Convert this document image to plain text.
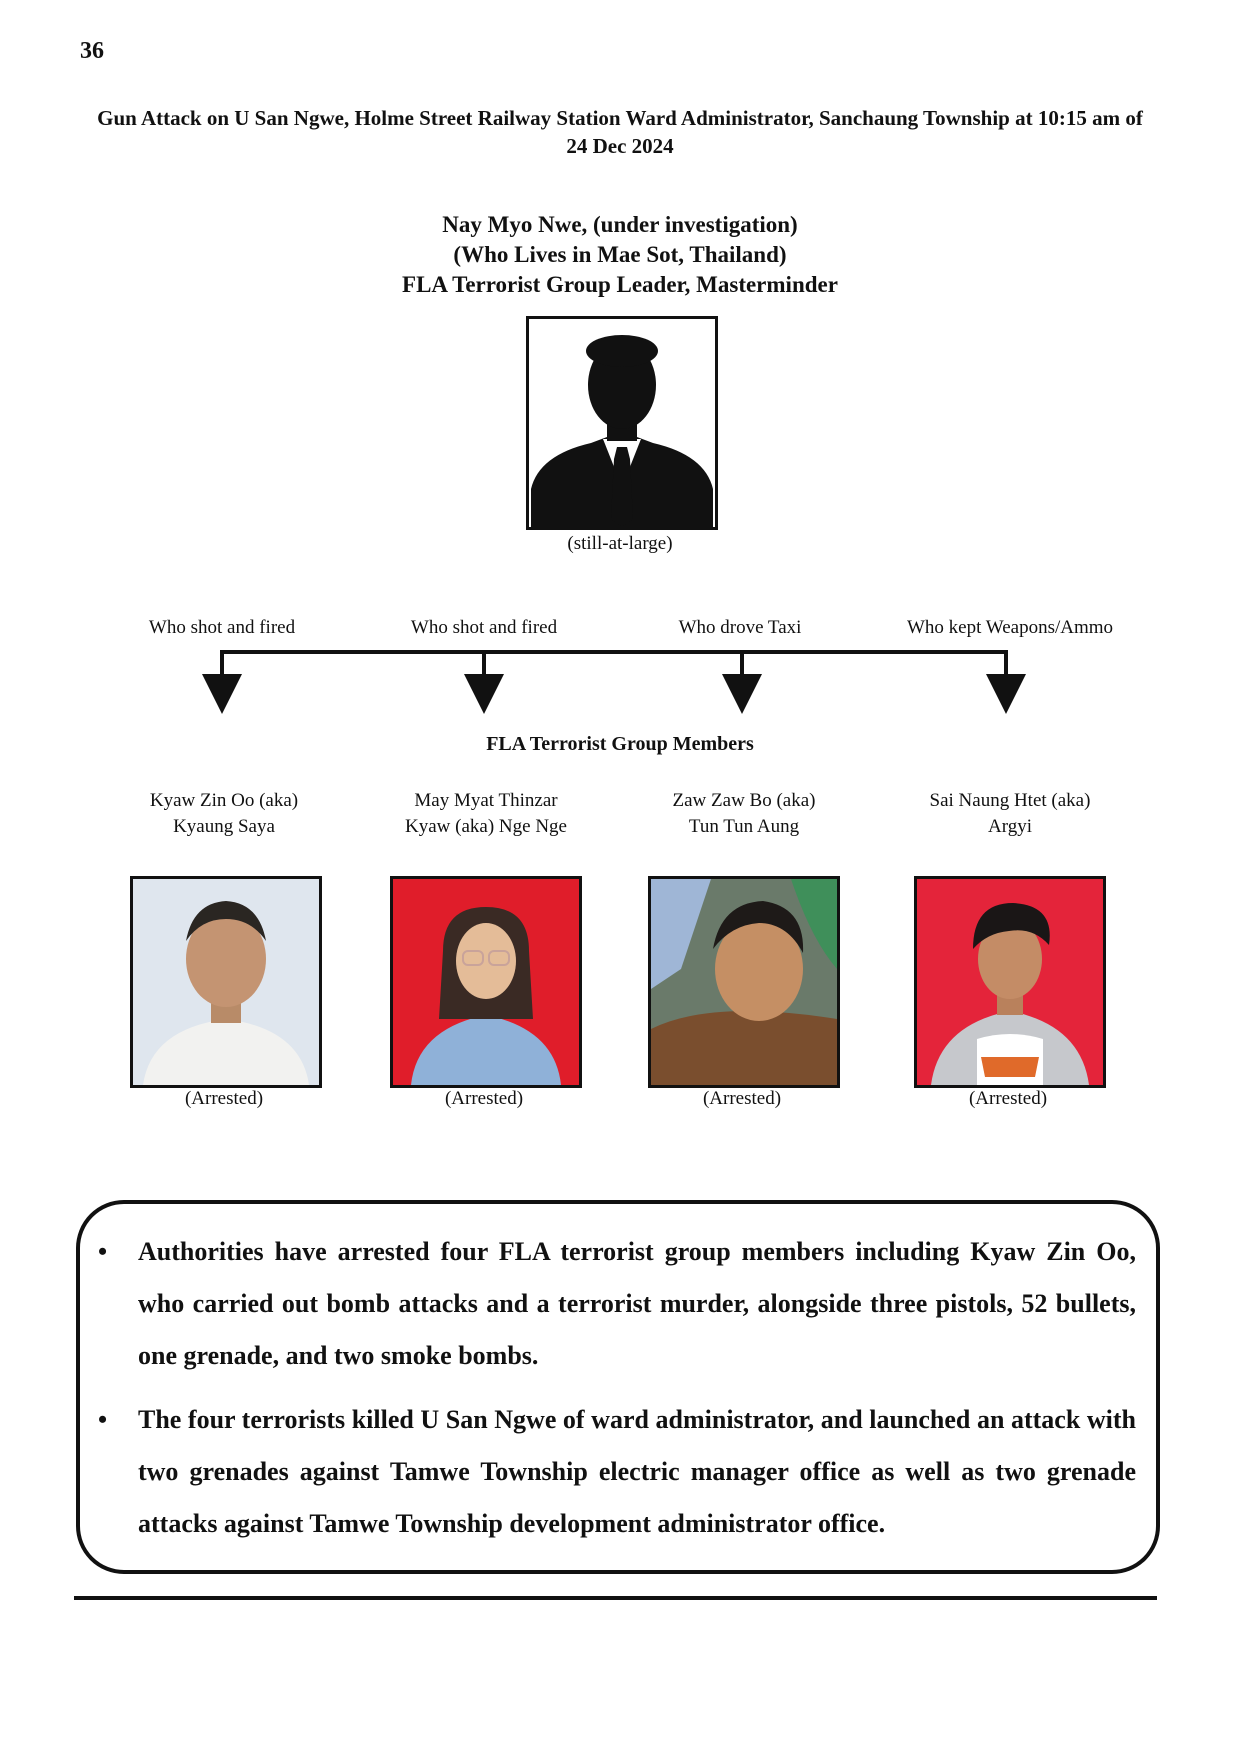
36
Gun Attack on U San Ngwe, Holme Street Railway Station Ward Administrator, Sanchaung Township at 10:15 am of 24 Dec 2024
Nay Myo Nwe, (under investigation)
(Who Lives in Mae Sot, Thailand)
FLA Terrorist Group Leader, Masterminder
(still-at-large)
Who shot and fired	Who shot and fired	Who drove Taxi	Who kept Weapons/Ammo
FLA Terrorist Group Members
Kyaw Zin Oo (aka)
Kyaung Saya
May Myat Thinzar
Kyaw (aka) Nge Nge
Zaw Zaw Bo (aka)
Tun Tun Aung
Sai Naung Htet (aka)
Argyi
(Arrested)	(Arrested)	(Arrested)	(Arrested)
• Authorities have arrested four FLA terrorist group members including Kyaw Zin Oo, who carried out bomb attacks and a terrorist murder, alongside three pistols, 52 bullets, one grenade, and two smoke bombs.
• The four terrorists killed U San Ngwe of ward administrator, and launched an attack with two grenades against Tamwe Township electric manager office as well as two grenade attacks against Tamwe Township development administrator office.
